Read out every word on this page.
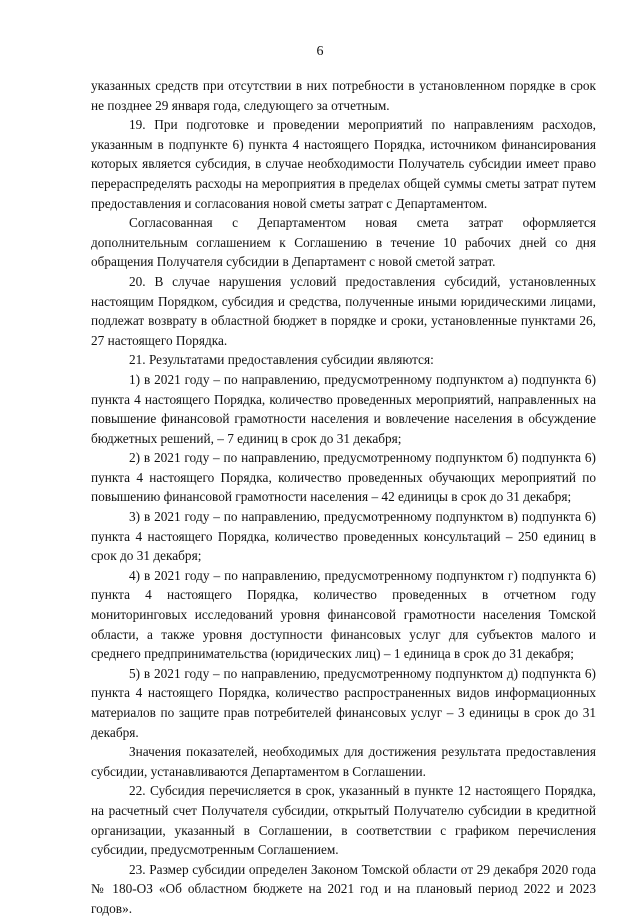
6

указанных средств при отсутствии в них потребности в установленном порядке в срок не позднее 29 января года, следующего за отчетным.

19. При подготовке и проведении мероприятий по направлениям расходов, указанным в подпункте 6) пункта 4 настоящего Порядка, источником финансирования которых является субсидия, в случае необходимости Получатель субсидии имеет право перераспределять расходы на мероприятия в пределах общей суммы сметы затрат путем предоставления и согласования новой сметы затрат с Департаментом.

Согласованная с Департаментом новая смета затрат оформляется дополнительным соглашением к Соглашению в течение 10 рабочих дней со дня обращения Получателя субсидии в Департамент с новой сметой затрат.

20. В случае нарушения условий предоставления субсидий, установленных настоящим Порядком, субсидия и средства, полученные иными юридическими лицами, подлежат возврату в областной бюджет в порядке и сроки, установленные пунктами 26, 27 настоящего Порядка.

21. Результатами предоставления субсидии являются:

1) в 2021 году – по направлению, предусмотренному подпунктом а) подпункта 6) пункта 4 настоящего Порядка, количество проведенных мероприятий, направленных на повышение финансовой грамотности населения и вовлечение населения в обсуждение бюджетных решений, – 7 единиц в срок до 31 декабря;

2) в 2021 году – по направлению, предусмотренному подпунктом б) подпункта 6) пункта 4 настоящего Порядка, количество проведенных обучающих мероприятий по повышению финансовой грамотности населения – 42 единицы в срок до 31 декабря;

3) в 2021 году – по направлению, предусмотренному подпунктом в) подпункта 6) пункта 4 настоящего Порядка, количество проведенных консультаций – 250 единиц в срок до 31 декабря;

4) в 2021 году – по направлению, предусмотренному подпунктом г) подпункта 6) пункта 4 настоящего Порядка, количество проведенных в отчетном году мониторинговых исследований уровня финансовой грамотности населения Томской области, а также уровня доступности финансовых услуг для субъектов малого и среднего предпринимательства (юридических лиц) – 1 единица в срок до 31 декабря;

5) в 2021 году – по направлению, предусмотренному подпунктом д) подпункта 6) пункта 4 настоящего Порядка, количество распространенных видов информационных материалов по защите прав потребителей финансовых услуг – 3 единицы в срок до 31 декабря.

Значения показателей, необходимых для достижения результата предоставления субсидии, устанавливаются Департаментом в Соглашении.

22. Субсидия перечисляется в срок, указанный в пункте 12 настоящего Порядка, на расчетный счет Получателя субсидии, открытый Получателю субсидии в кредитной организации, указанный в Соглашении, в соответствии с графиком перечисления субсидии, предусмотренным Соглашением.

23. Размер субсидии определен Законом Томской области от 29 декабря 2020 года № 180-ОЗ «Об областном бюджете на 2021 год и на плановый период 2022 и 2023 годов».
